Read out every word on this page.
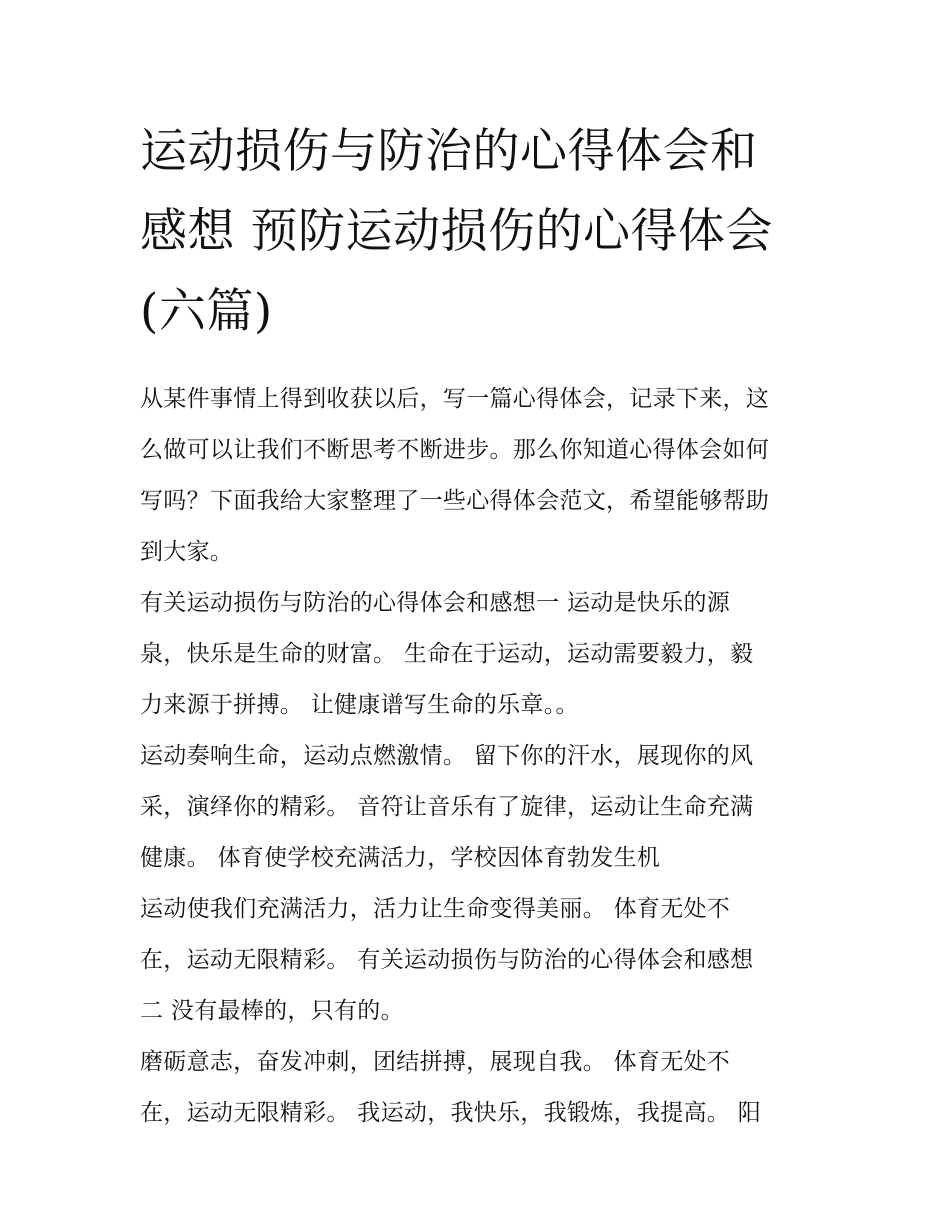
运动损伤与防治的心得体会和
感想 预防运动损伤的心得体会
(六篇)

从某件事情上得到收获以后，写一篇心得体会，记录下来，这
么做可以让我们不断思考不断进步。那么你知道心得体会如何
写吗？下面我给大家整理了一些心得体会范文，希望能够帮助
到大家。

有关运动损伤与防治的心得体会和感想一 运动是快乐的源
泉，快乐是生命的财富。 生命在于运动，运动需要毅力，毅
力来源于拼搏。 让健康谱写生命的乐章。。

运动奏响生命，运动点燃激情。 留下你的汗水，展现你的风
采，演绎你的精彩。 音符让音乐有了旋律，运动让生命充满
健康。 体育使学校充满活力，学校因体育勃发生机

运动使我们充满活力，活力让生命变得美丽。 体育无处不
在，运动无限精彩。 有关运动损伤与防治的心得体会和感想
二 没有最棒的，只有的。

磨砺意志，奋发冲刺，团结拼搏，展现自我。 体育无处不
在，运动无限精彩。 我运动，我快乐，我锻炼，我提高。 阳
